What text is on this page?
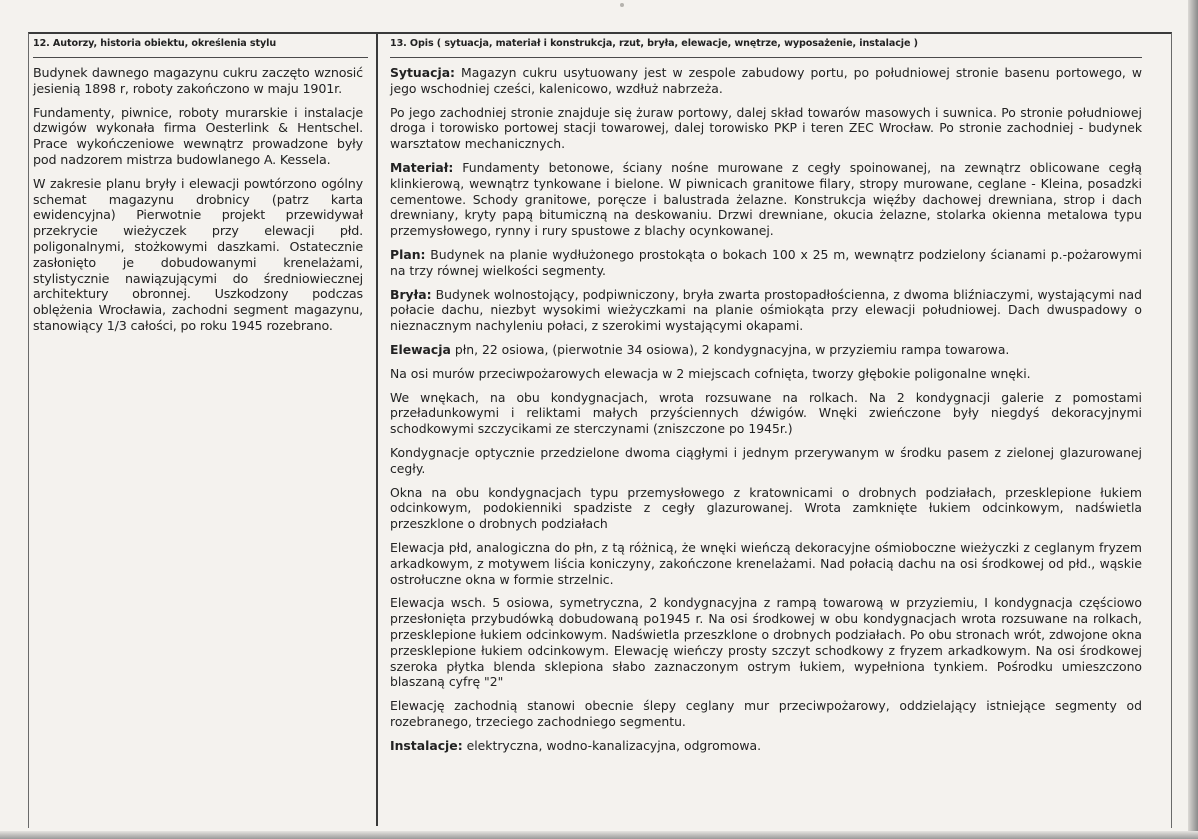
12. Autorzy, historia obiektu, określenia stylu

Budynek dawnego magazynu cukru zaczęto wznosić jesienią 1898 r, roboty zakończono w maju 1901r.

Fundamenty, piwnice, roboty murarskie i instalacje dzwigów wykonała firma Oesterlink & Hentschel. Prace wykończeniowe wewnątrz prowadzone były pod nadzorem mistrza budowlanego A. Kessela.

W zakresie planu bryły i elewacji powtórzono ogólny schemat magazynu drobnicy (patrz karta ewidencyjna) Pierwotnie projekt przewidywał przekrycie wieżyczek przy elewacji płd. poligonalnymi, stożkowymi daszkami. Ostatecznie zasłonięto je dobudowanymi krenelażami, stylistycznie nawiązującymi do średniowiecznej architektury obronnej. Uszkodzony podczas oblężenia Wrocławia, zachodni segment magazynu, stanowiący 1/3 całości, po roku 1945 rozebrano.

13. Opis ( sytuacja, materiał i konstrukcja, rzut, bryła, elewacje, wnętrze, wyposażenie, instalacje )

Sytuacja: Magazyn cukru usytuowany jest w zespole zabudowy portu, po południowej stronie basenu portowego, w jego wschodniej cześci, kalenicowo, wzdłuż nabrzeża.

Po jego zachodniej stronie znajduje się żuraw portowy, dalej skład towarów masowych i suwnica. Po stronie południowej droga i torowisko portowej stacji towarowej, dalej torowisko PKP i teren ZEC Wrocław. Po stronie zachodniej - budynek warsztatow mechanicznych.

Materiał: Fundamenty betonowe, ściany nośne murowane z cegły spoinowanej, na zewnątrz oblicowane cegłą klinkierową, wewnątrz tynkowane i bielone. W piwnicach granitowe filary, stropy murowane, ceglane - Kleina, posadzki cementowe. Schody granitowe, poręcze i balustrada żelazne. Konstrukcja więźby dachowej drewniana, strop i dach drewniany, kryty papą bitumiczną na deskowaniu. Drzwi drewniane, okucia żelazne, stolarka okienna metalowa typu przemysłowego, rynny i rury spustowe z blachy ocynkowanej.

Plan: Budynek na planie wydłużonego prostokąta o bokach 100 x 25 m, wewnątrz podzielony ścianami p.-pożarowymi na trzy równej wielkości segmenty.

Bryła: Budynek wolnostojący, podpiwniczony, bryła zwarta prostopadłościenna, z dwoma bliźniaczymi, wystającymi nad połacie dachu, niezbyt wysokimi wieżyczkami na planie ośmiokąta przy elewacji południowej. Dach dwuspadowy o nieznacznym nachyleniu połaci, z szerokimi wystającymi okapami.

Elewacja płn, 22 osiowa, (pierwotnie 34 osiowa), 2 kondygnacyjna, w przyziemiu rampa towarowa.

Na osi murów przeciwpożarowych elewacja w 2 miejscach cofnięta, tworzy głębokie poligonalne wnęki.

We wnękach, na obu kondygnacjach, wrota rozsuwane na rolkach. Na 2 kondygnacji galerie z pomostami przeładunkowymi i reliktami małych przyściennych dźwigów. Wnęki zwieńczone były niegdyś dekoracyjnymi schodkowymi szczycikami ze sterczynami (zniszczone po 1945r.)

Kondygnacje optycznie przedzielone dwoma ciągłymi i jednym przerywanym w środku pasem z zielonej glazurowanej cegły.

Okna na obu kondygnacjach typu przemysłowego z kratownicami o drobnych podziałach, przesklepione łukiem odcinkowym, podokienniki spadziste z cegły glazurowanej. Wrota zamknięte łukiem odcinkowym, nadświetla przeszklone o drobnych podziałach

Elewacja płd, analogiczna do płn, z tą różnicą, że wnęki wieńczą dekoracyjne ośmioboczne wieżyczki z ceglanym fryzem arkadkowym, z motywem liścia koniczyny, zakończone krenelażami. Nad połacią dachu na osi środkowej od płd., wąskie ostrołuczne okna w formie strzelnic.

Elewacja wsch. 5 osiowa, symetryczna, 2 kondygnacyjna z rampą towarową w przyziemiu, I kondygnacja częściowo przesłonięta przybudówką dobudowaną po1945 r. Na osi środkowej w obu kondygnacjach wrota rozsuwane na rolkach, przesklepione łukiem odcinkowym. Nadświetla przeszklone o drobnych podziałach. Po obu stronach wrót, zdwojone okna przesklepione łukiem odcinkowym. Elewację wieńczy prosty szczyt schodkowy z fryzem arkadkowym. Na osi środkowej szeroka płytka blenda sklepiona słabo zaznaczonym ostrym łukiem, wypełniona tynkiem. Pośrodku umieszczono blaszaną cyfrę "2"

Elewację zachodnią stanowi obecnie ślepy ceglany mur przeciwpożarowy, oddzielający istniejące segmenty od rozebranego, trzeciego zachodniego segmentu.

Instalacje: elektryczna, wodno-kanalizacyjna, odgromowa.
